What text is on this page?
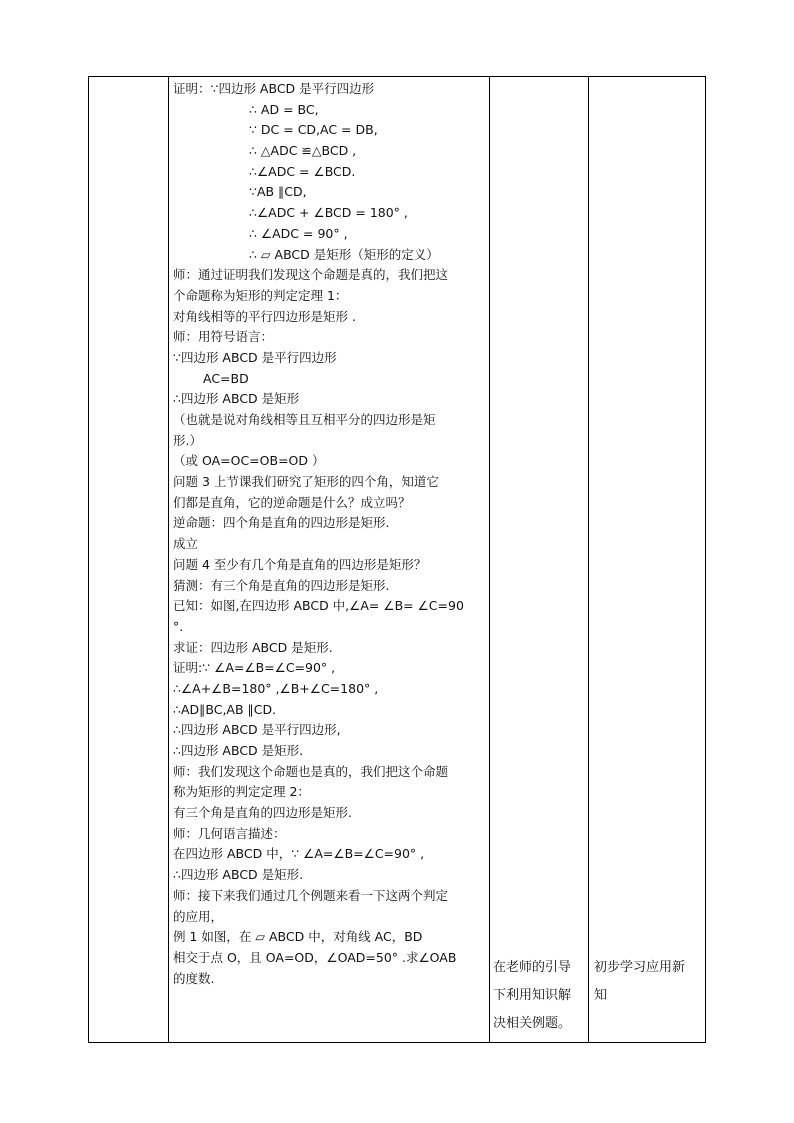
证明：∵四边形 ABCD 是平行四边形
∴ AD = BC,
∵ DC = CD,AC = DB,
∴ △ADC ≌△BCD ,
∴∠ADC = ∠BCD.
∵AB ∥CD,
∴∠ADC + ∠BCD = 180° ,
∴ ∠ADC = 90° ,
∴ ▱ ABCD 是矩形（矩形的定义）
师：通过证明我们发现这个命题是真的，我们把这
个命题称为矩形的判定定理 1：
对角线相等的平行四边形是矩形 .
师：用符号语言：
∵四边形 ABCD 是平行四边形
AC=BD
∴四边形 ABCD 是矩形
（也就是说对角线相等且互相平分的四边形是矩
形.）
（或 OA=OC=OB=OD ）
问题 3 上节课我们研究了矩形的四个角，知道它
们都是直角，它的逆命题是什么？成立吗？
逆命题：四个角是直角的四边形是矩形.
成立
问题 4 至少有几个角是直角的四边形是矩形？
猜测：有三个角是直角的四边形是矩形.
已知：如图,在四边形 ABCD 中,∠A= ∠B= ∠C=90
°.
求证：四边形 ABCD 是矩形.
证明:∵ ∠A=∠B=∠C=90° ,
∴∠A+∠B=180° ,∠B+∠C=180° ,
∴AD∥BC,AB ∥CD.
∴四边形 ABCD 是平行四边形,
∴四边形 ABCD 是矩形.
师：我们发现这个命题也是真的，我们把这个命题
称为矩形的判定定理 2：
有三个角是直角的四边形是矩形.
师：几何语言描述：
在四边形 ABCD 中，∵ ∠A=∠B=∠C=90° ,
∴四边形 ABCD 是矩形.
师：接下来我们通过几个例题来看一下这两个判定
的应用，
例 1 如图，在 ▱ ABCD 中，对角线 AC，BD
相交于点 O，且 OA=OD，∠OAD=50° .求∠OAB
的度数.
在老师的引导
下利用知识解
决相关例题。
初步学习应用新
知
